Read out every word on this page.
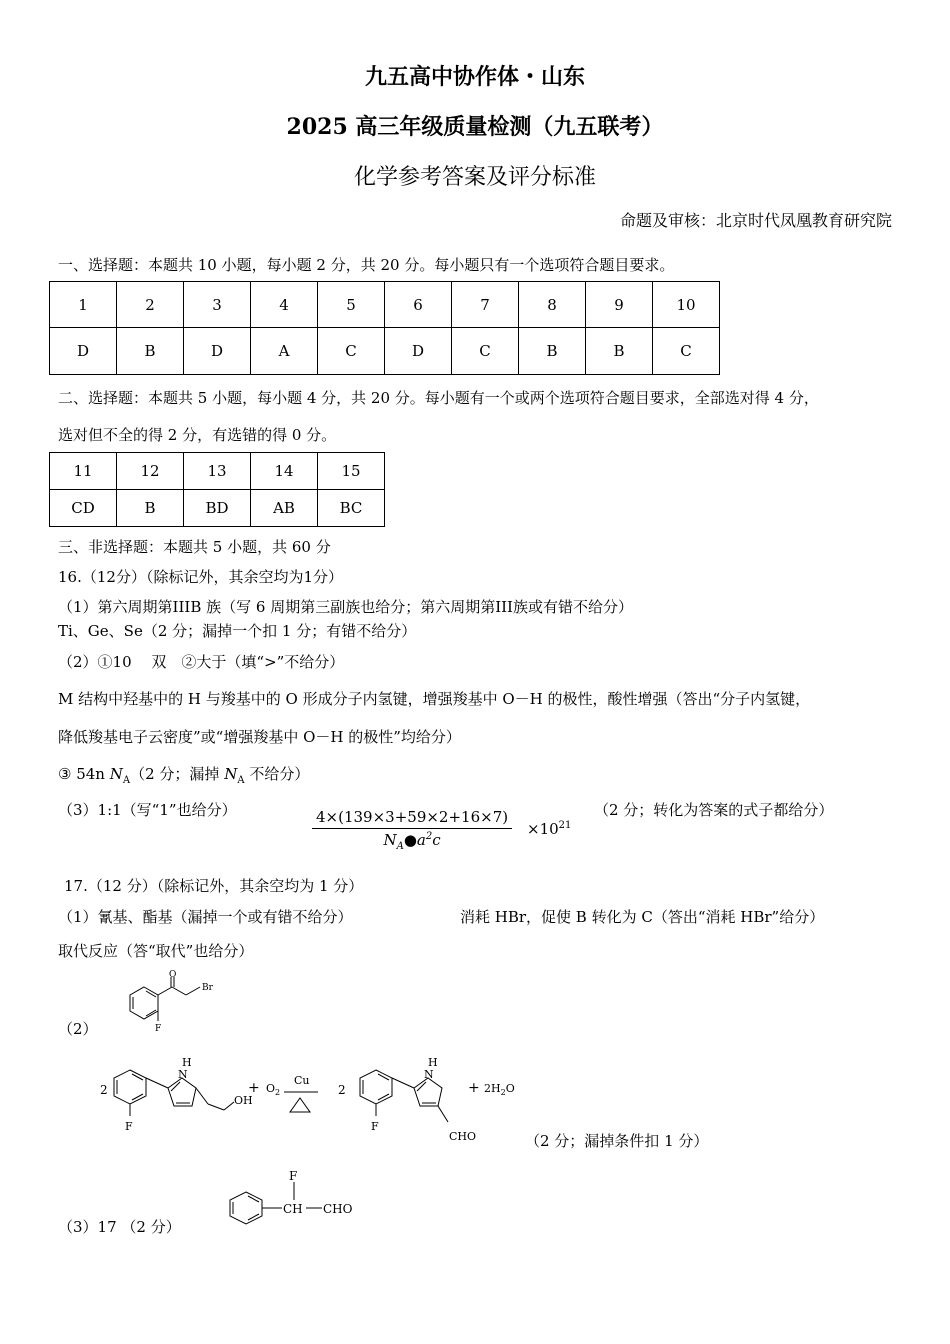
九五高中协作体・山东
2025 高三年级质量检测（九五联考）
化学参考答案及评分标准
命题及审核：北京时代凤凰教育研究院
一、选择题：本题共 10 小题，每小题 2 分，共 20 分。每小题只有一个选项符合题目要求。
1	2	3	4	5	6	7	8	9	10
D	B	D	A	C	D	C	B	B	C
二、选择题：本题共 5 小题，每小题 4 分，共 20 分。每小题有一个或两个选项符合题目要求，全部选对得 4 分，
选对但不全的得 2 分，有选错的得 0 分。
11	12	13	14	15
CD	B	BD	AB	BC
三、非选择题：本题共 5 小题，共 60 分
16.（12分）（除标记外，其余空均为1分）
（1）第六周期第IIIB 族（写 6 周期第三副族也给分；第六周期第III族或有错不给分）
Ti、Ge、Se（2 分；漏掉一个扣 1 分；有错不给分）
（2）①10　 双　②大于（填“>”不给分）
M 结构中羟基中的 H 与羧基中的 O 形成分子内氢键，增强羧基中 O－H 的极性，酸性增强（答出“分子内氢键，
降低羧基电子云密度”或“增强羧基中 O－H 的极性”均给分）
③ 54n $N_A(2$ 分；漏掉 $N_A$ 不给分）
（3）1:1（写“1”也给分）	$\frac{4\times(139\times 3+59\times 2+16\times 7)}{N_A●a^2c} \times 10^{21}$
（2 分；转化为答案的式子都给分）
17.（12 分）（除标记外，其余空均为 1 分）
（1）氰基、酯基（漏掉一个或有错不给分）	消耗 HBr，促使 B 转化为 C（答出“消耗 HBr”给分）
取代反应（答“取代”也给分）
（2）
O
Br
F
2
H
N
F
OH
+ $O_2$
Cu
2
H
N
F
CHO
+ $2H_2O$
（2 分；漏掉条件扣 1 分）
（3）17 （2 分）
F
CH CHO
